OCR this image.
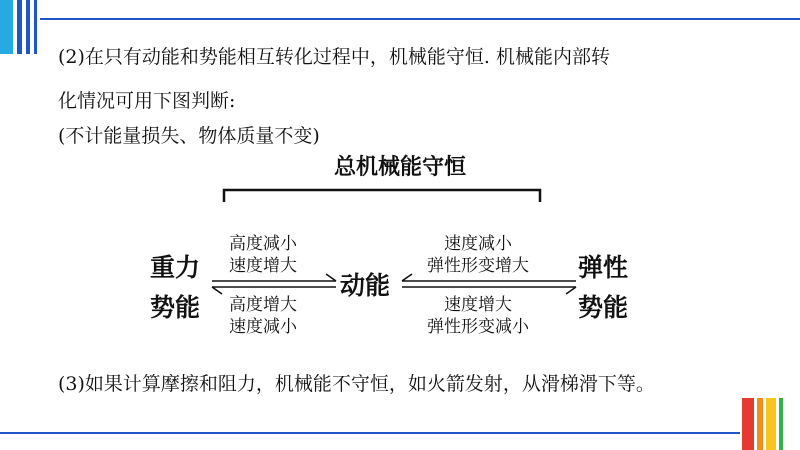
(2)在只有动能和势能相互转化过程中，机械能守恒. 机械能内部转
化情况可用下图判断:
(不计能量损失、物体质量不变)
(3)如果计算摩擦和阻力，机械能不守恒，如火箭发射，从滑梯滑下等。
总机械能守恒
重力
势能
动能
弹性
势能
高度减小
速度增大
高度增大
速度减小
速度减小
弹性形变增大
速度增大
弹性形变减小
